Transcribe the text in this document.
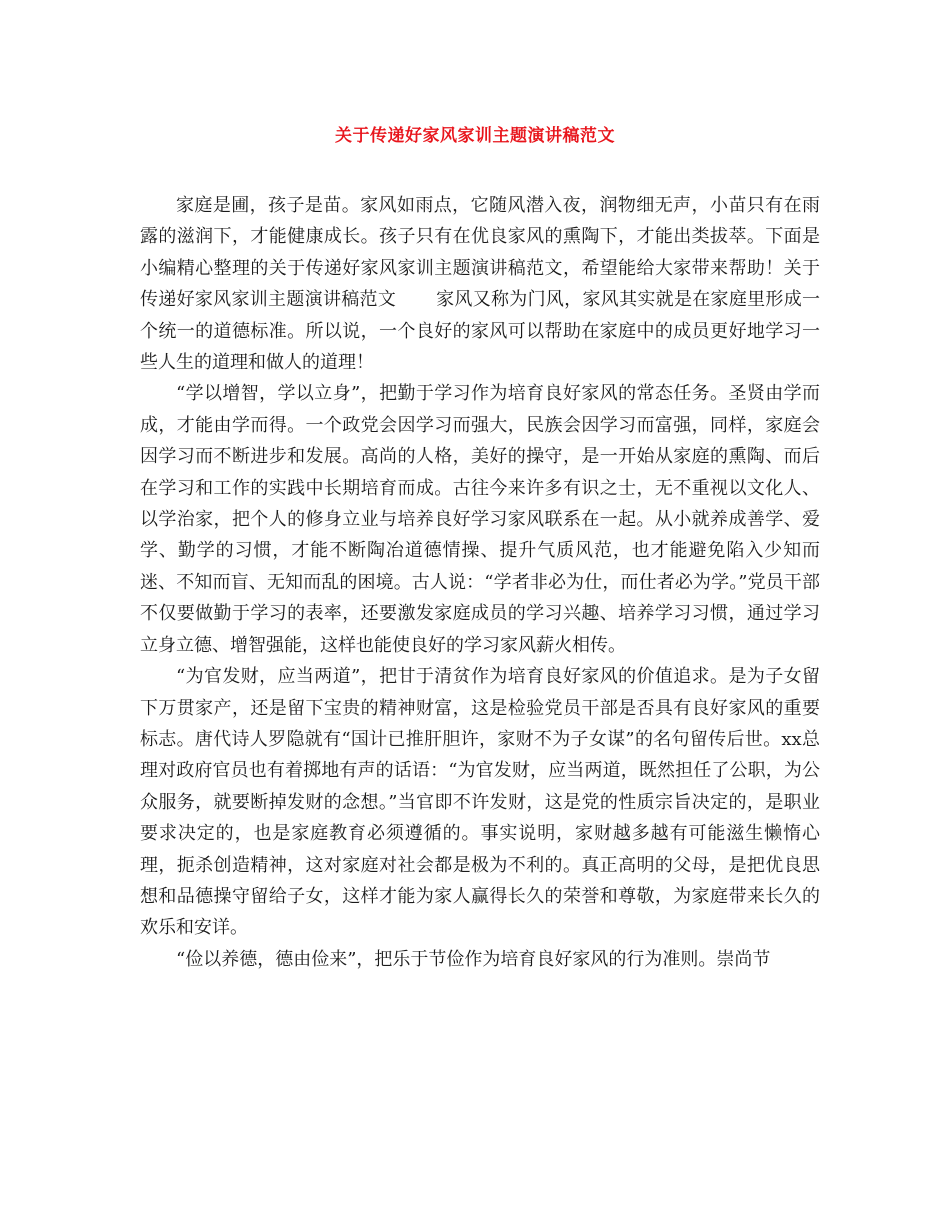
关于传递好家风家训主题演讲稿范文

家庭是圃，孩子是苗。家风如雨点，它随风潜入夜，润物细无声，小苗只有在雨露的滋润下，才能健康成长。孩子只有在优良家风的熏陶下，才能出类拔萃。下面是小编精心整理的关于传递好家风家训主题演讲稿范文，希望能给大家带来帮助！关于传递好家风家训主题演讲稿范文 家风又称为门风，家风其实就是在家庭里形成一个统一的道德标准。所以说，一个良好的家风可以帮助在家庭中的成员更好地学习一些人生的道理和做人的道理！

“学以增智，学以立身”，把勤于学习作为培育良好家风的常态任务。圣贤由学而成，才能由学而得。一个政党会因学习而强大，民族会因学习而富强，同样，家庭会因学习而不断进步和发展。高尚的人格，美好的操守，是一开始从家庭的熏陶、而后在学习和工作的实践中长期培育而成。古往今来许多有识之士，无不重视以文化人、以学治家，把个人的修身立业与培养良好学习家风联系在一起。从小就养成善学、爱学、勤学的习惯，才能不断陶冶道德情操、提升气质风范，也才能避免陷入少知而迷、不知而盲、无知而乱的困境。古人说：“学者非必为仕，而仕者必为学。”党员干部不仅要做勤于学习的表率，还要激发家庭成员的学习兴趣、培养学习习惯，通过学习立身立德、增智强能，这样也能使良好的学习家风薪火相传。

“为官发财，应当两道”，把甘于清贫作为培育良好家风的价值追求。是为子女留下万贯家产，还是留下宝贵的精神财富，这是检验党员干部是否具有良好家风的重要标志。唐代诗人罗隐就有“国计已推肝胆许，家财不为子女谋”的名句留传后世。xx总理对政府官员也有着掷地有声的话语：“为官发财，应当两道，既然担任了公职，为公众服务，就要断掉发财的念想。”当官即不许发财，这是党的性质宗旨决定的，是职业要求决定的，也是家庭教育必须遵循的。事实说明，家财越多越有可能滋生懒惰心理，扼杀创造精神，这对家庭对社会都是极为不利的。真正高明的父母，是把优良思想和品德操守留给子女，这样才能为家人赢得长久的荣誉和尊敬，为家庭带来长久的欢乐和安详。

“俭以养德，德由俭来”，把乐于节俭作为培育良好家风的行为准则。崇尚节
